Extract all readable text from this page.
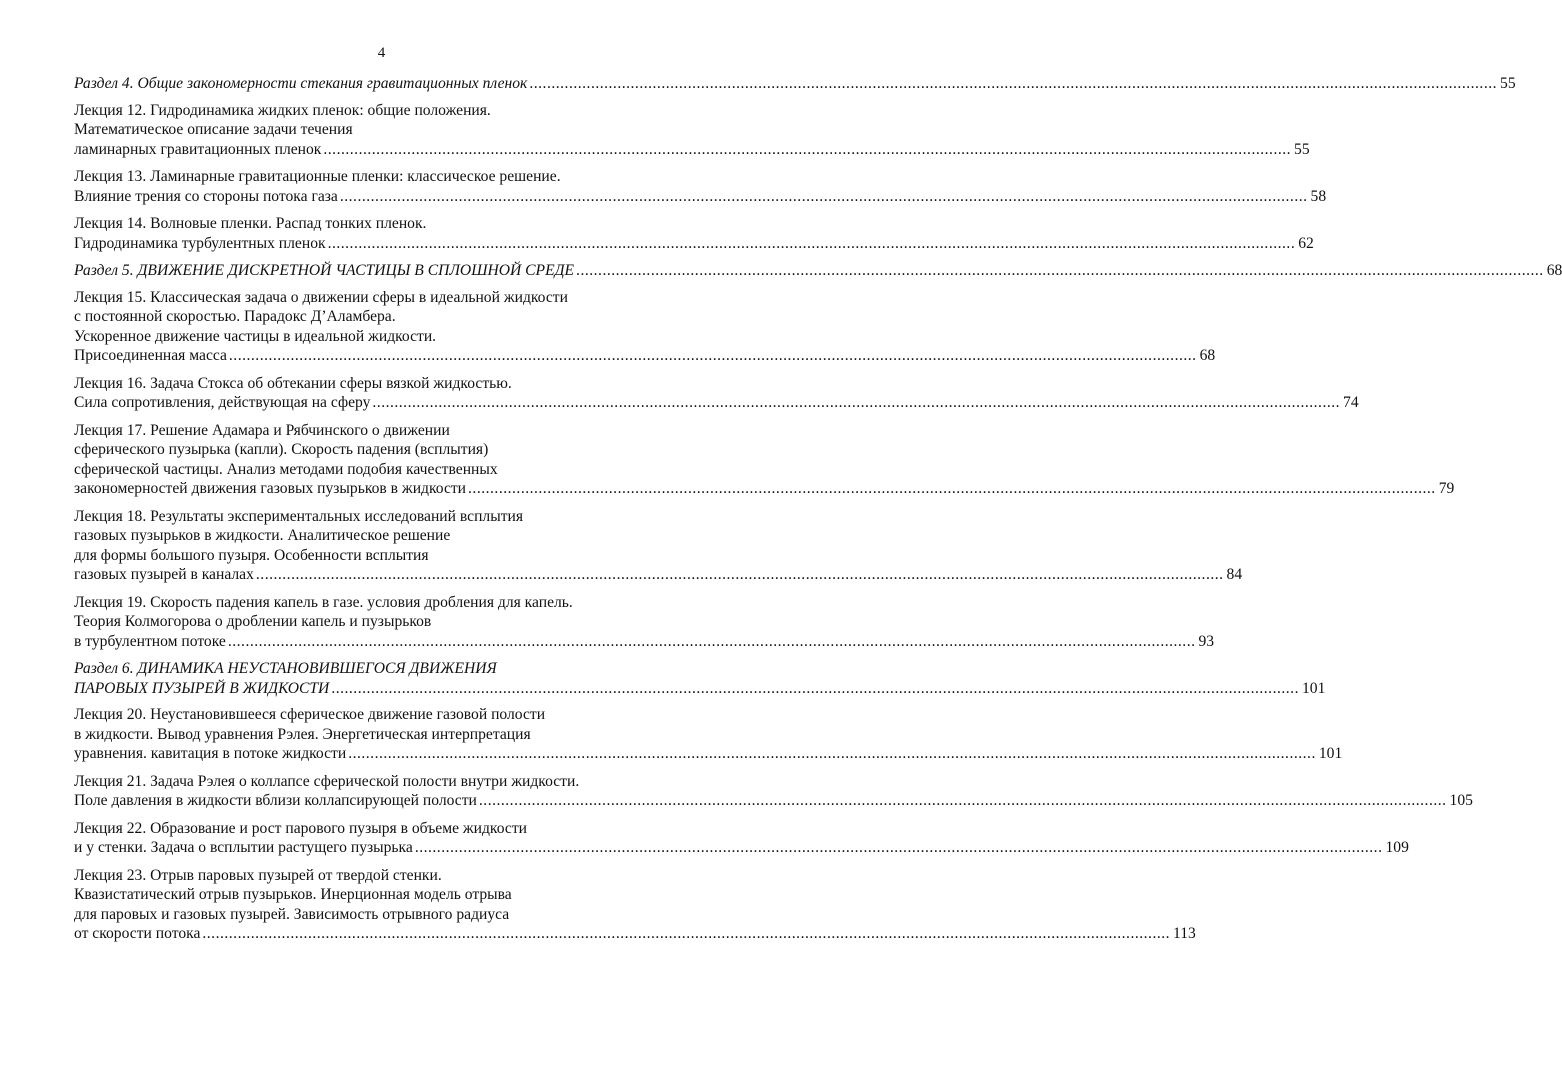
4
Раздел 4. Общие закономерности стекания гравитационных пленок ............................................................................................................................................................................................................................ 55
Лекция 12. Гидродинамика жидких пленок: общие положения.
Математическое описание задачи течения
ламинарных гравитационных пленок ............................................................................................................................................................................................................................ 55
Лекция 13. Ламинарные гравитационные пленки: классическое решение.
Влияние трения со стороны потока газа ............................................................................................................................................................................................................................ 58
Лекция 14. Волновые пленки. Распад тонких пленок.
Гидродинамика турбулентных пленок ............................................................................................................................................................................................................................ 62
Раздел 5. ДВИЖЕНИЕ ДИСКРЕТНОЙ ЧАСТИЦЫ В СПЛОШНОЙ СРЕДЕ ............................................................................................................................................................................................................................ 68
Лекция 15. Классическая задача о движении сферы в идеальной жидкости
с постоянной скоростью. Парадокс Д’Аламбера.
Ускоренное движение частицы в идеальной жидкости.
Присоединенная масса ............................................................................................................................................................................................................................ 68
Лекция 16. Задача Стокса об обтекании сферы вязкой жидкостью.
Сила сопротивления, действующая на сферу ............................................................................................................................................................................................................................ 74
Лекция 17. Решение Адамара и Рябчинского о движении
сферического пузырька (капли). Скорость падения (всплытия)
сферической частицы. Анализ методами подобия качественных
закономерностей движения газовых пузырьков в жидкости ............................................................................................................................................................................................................................ 79
Лекция 18. Результаты экспериментальных исследований всплытия
газовых пузырьков в жидкости. Аналитическое решение
для формы большого пузыря. Особенности всплытия
газовых пузырей в каналах ............................................................................................................................................................................................................................ 84
Лекция 19. Скорость падения капель в газе. условия дробления для капель.
Теория Колмогорова о дроблении капель и пузырьков
в турбулентном потоке ............................................................................................................................................................................................................................ 93
Раздел 6. ДИНАМИКА НЕУСТАНОВИВШЕГОСЯ ДВИЖЕНИЯ
ПАРОВЫХ ПУЗЫРЕЙ В ЖИДКОСТИ ............................................................................................................................................................................................................................ 101
Лекция 20. Неустановившееся сферическое движение газовой полости
в жидкости. Вывод уравнения Рэлея. Энергетическая интерпретация
уравнения. кавитация в потоке жидкости ............................................................................................................................................................................................................................ 101
Лекция 21. Задача Рэлея о коллапсе сферической полости внутри жидкости.
Поле давления в жидкости вблизи коллапсирующей полости ............................................................................................................................................................................................................................ 105
Лекция 22. Образование и рост парового пузыря в объеме жидкости
и у стенки. Задача о всплытии растущего пузырька ............................................................................................................................................................................................................................ 109
Лекция 23. Отрыв паровых пузырей от твердой стенки.
Квазистатический отрыв пузырьков. Инерционная модель отрыва
для паровых и газовых пузырей. Зависимость отрывного радиуса
от скорости потока ............................................................................................................................................................................................................................ 113
